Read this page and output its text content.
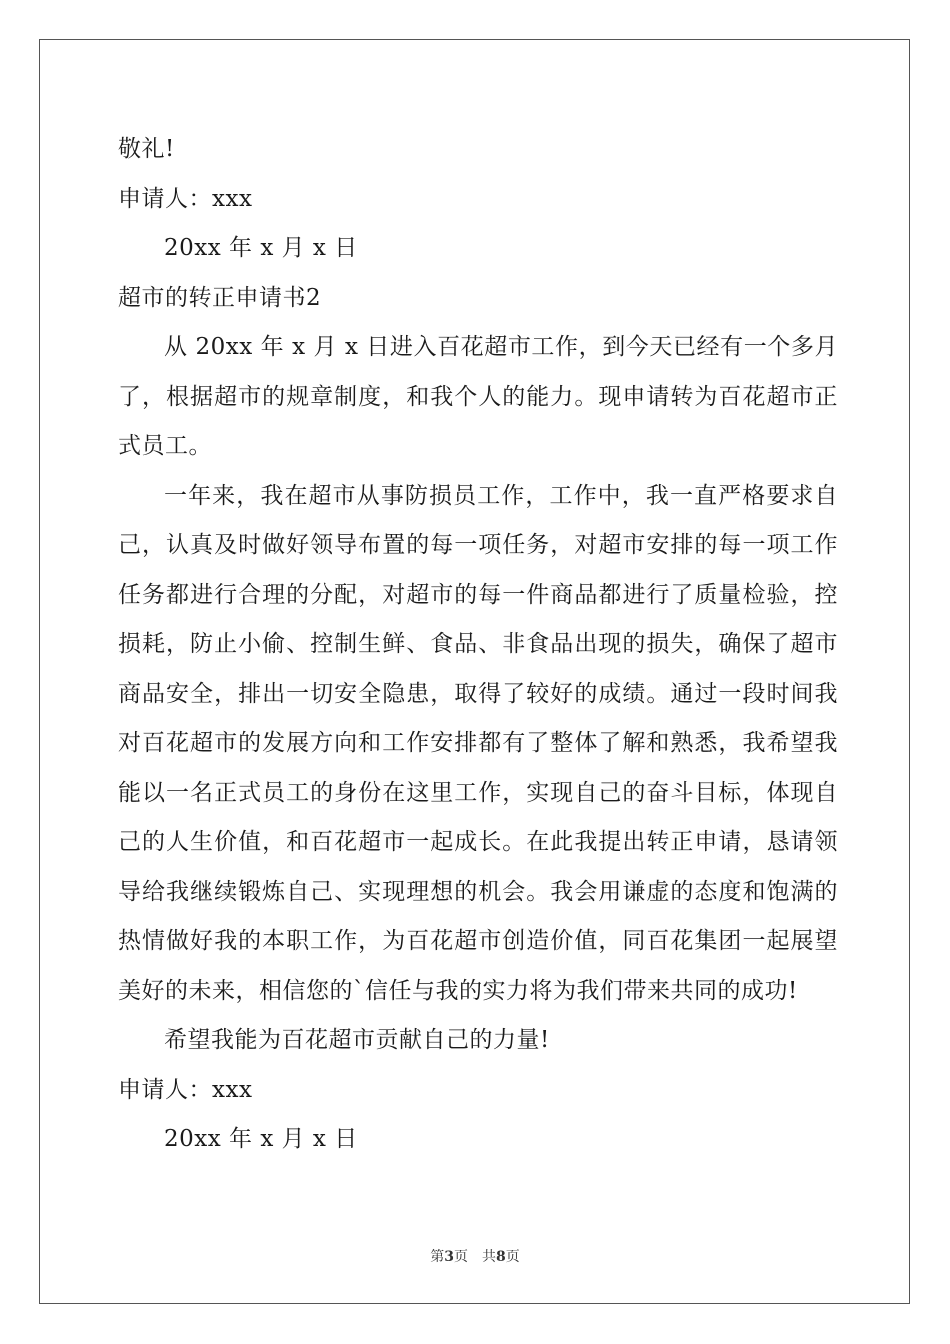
敬礼!
申请人：xxx
20xx 年 x 月 x 日
超市的转正申请书2
从 20xx 年 x 月 x 日进入百花超市工作，到今天已经有一个多月了，根据超市的规章制度，和我个人的能力。现申请转为百花超市正式员工。
一年来，我在超市从事防损员工作，工作中，我一直严格要求自己，认真及时做好领导布置的每一项任务，对超市安排的每一项工作任务都进行合理的分配，对超市的每一件商品都进行了质量检验，控损耗，防止小偷、控制生鲜、食品、非食品出现的损失，确保了超市商品安全，排出一切安全隐患，取得了较好的成绩。通过一段时间我对百花超市的发展方向和工作安排都有了整体了解和熟悉，我希望我能以一名正式员工的身份在这里工作，实现自己的奋斗目标，体现自己的人生价值，和百花超市一起成长。在此我提出转正申请，恳请领导给我继续锻炼自己、实现理想的机会。我会用谦虚的态度和饱满的热情做好我的本职工作，为百花超市创造价值，同百花集团一起展望美好的未来，相信您的`信任与我的实力将为我们带来共同的成功!
希望我能为百花超市贡献自己的力量!
申请人：xxx
20xx 年 x 月 x 日
第3页 共8页
